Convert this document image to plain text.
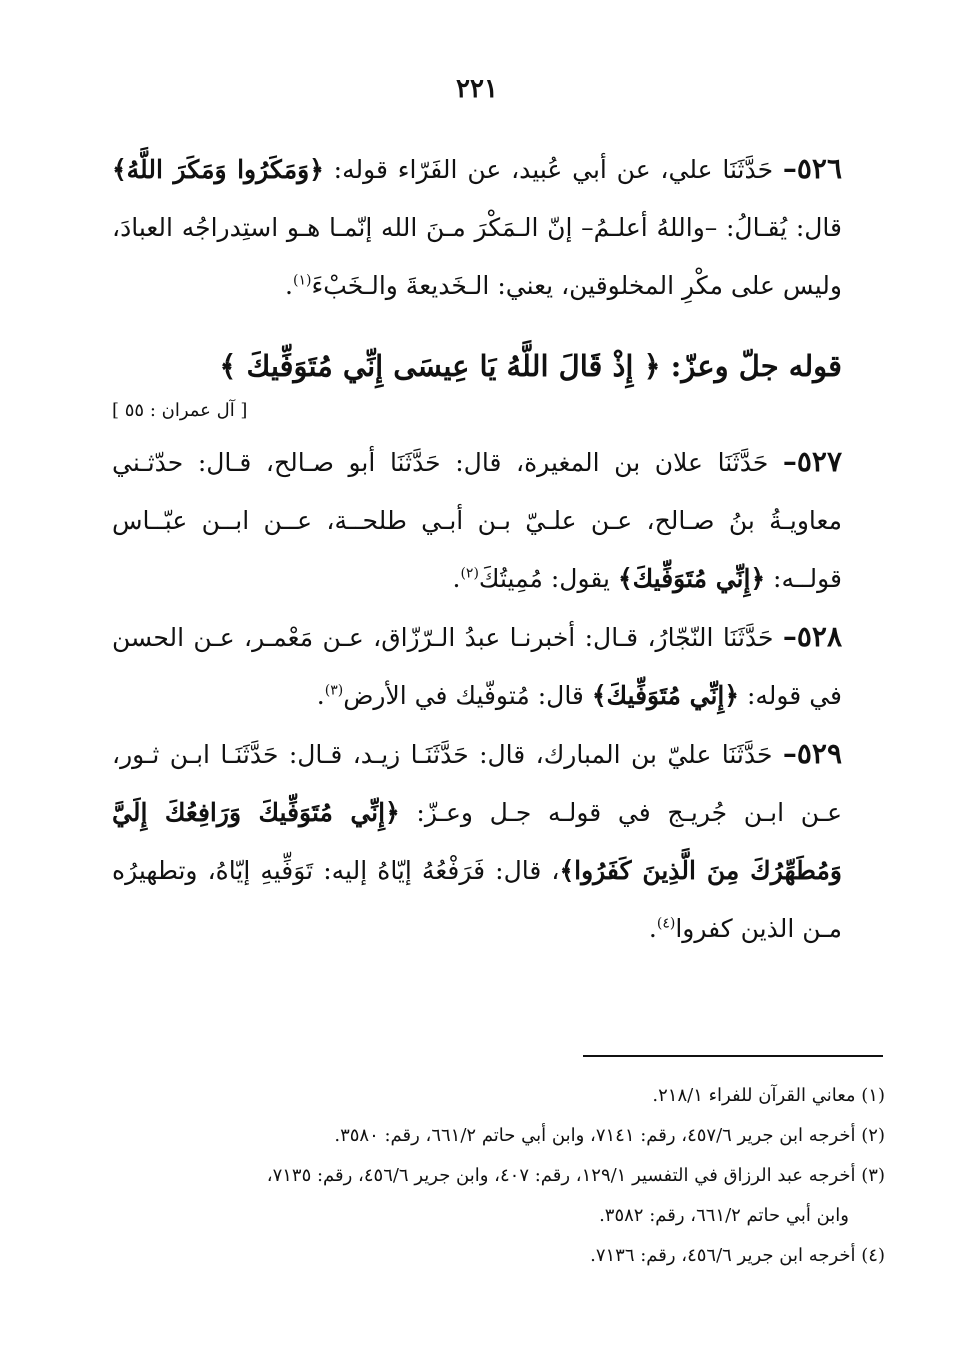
٢٢١

٥٢٦– حَدَّثَنَا علي، عن أبي عُبيد، عن الفَرّاء قوله: ﴿وَمَكَرُوا وَمَكَرَ اللَّهُ﴾ قال: يُقـالُ: –واللهُ أعلـمُ– إنّ الـمَكْرَ مـنَ الله إنّمـا هـو استِدراجُه العبادَ، وليس على مكْرِ المخلوقين، يعني: الـخَديعةَ والـخَبْءَ$^{(١)}$.

قوله جلّ وعزّ: ﴿ إِذْ قَالَ اللَّهُ يَا عِيسَى إِنِّي مُتَوَفِّيكَ ﴾

[ آل عمران : ٥٥ ]

٥٢٧– حَدَّثَنَا علان بن المغيرة، قال: حَدَّثَنَا أبو صـالح، قـال: حدّثـني معاويـةُ بنُ صـالح، عـن علـيّ بـن أبـي طلحــة، عــن ابــن عبّــاس قولــه: ﴿إِنِّي مُتَوَفِّيكَ﴾ يقول: مُمِيتُكَ$^{(٢)}$.

٥٢٨– حَدَّثَنَا النّجّارُ، قـال: أخبرنـا عبدُ الـرّزّاق، عـن مَعْمـر، عـن الحسن في قوله: ﴿إِنِّي مُتَوَفِّيكَ﴾ قال: مُتوفّيك في الأرض$^{(٣)}$.

٥٢٩– حَدَّثَنَا عليّ بن المبارك، قال: حَدَّثَنَـا زيـد، قـال: حَدَّثَنَـا ابـن ثـور، عـن ابـن جُريـج في قولـه جـل وعـزّ: ﴿إِنِّي مُتَوَفِّيكَ وَرَافِعُكَ إِلَيَّ وَمُطَهِّرُكَ مِنَ الَّذِينَ كَفَرُوا﴾، قال: فَرَفْعُهُ إيّاهُ إليه: تَوَفِّيهِ إيّاهُ، وتطهيرُه مـن الذين كفروا$^{(٤)}$.

(١) معاني القرآن للفراء ٢١٨/١.

(٢) أخرجه ابن جرير ٤٥٧/٦، رقم: ٧١٤١، وابن أبي حاتم ٦٦١/٢، رقم: ٣٥٨٠.

(٣) أخرجه عبد الرزاق في التفسير ١٢٩/١، رقم: ٤٠٧، وابن جرير ٤٥٦/٦، رقم: ٧١٣٥،

وابن أبي حاتم ٦٦١/٢، رقم: ٣٥٨٢.

(٤) أخرجه ابن جرير ٤٥٦/٦، رقم: ٧١٣٦.
